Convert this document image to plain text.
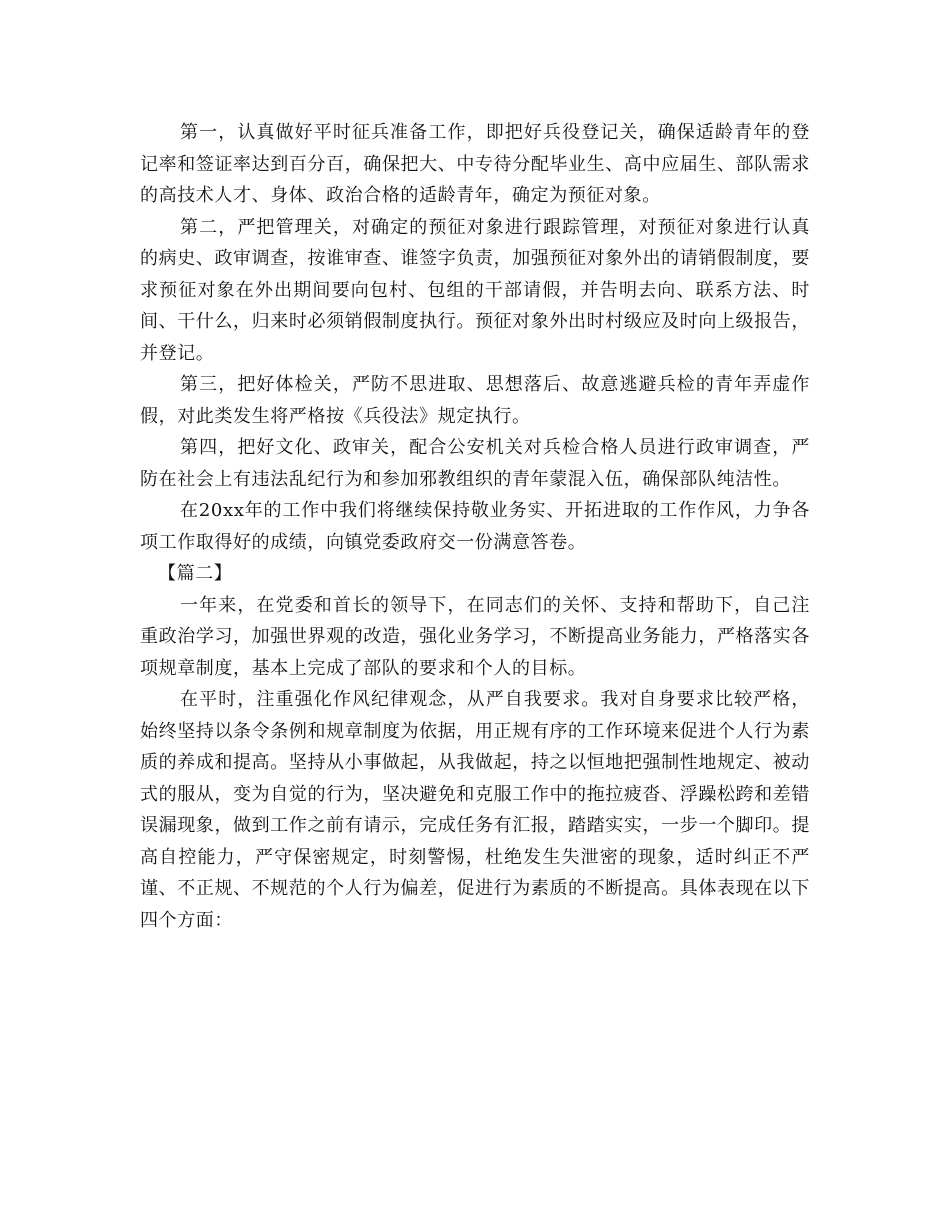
第一，认真做好平时征兵准备工作，即把好兵役登记关，确保适龄青年的登记率和签证率达到百分百，确保把大、中专待分配毕业生、高中应届生、部队需求的高技术人才、身体、政治合格的适龄青年，确定为预征对象。

第二，严把管理关，对确定的预征对象进行跟踪管理，对预征对象进行认真的病史、政审调查，按谁审查、谁签字负责，加强预征对象外出的请销假制度，要求预征对象在外出期间要向包村、包组的干部请假，并告明去向、联系方法、时间、干什么，归来时必须销假制度执行。预征对象外出时村级应及时向上级报告，并登记。

第三，把好体检关，严防不思进取、思想落后、故意逃避兵检的青年弄虚作假，对此类发生将严格按《兵役法》规定执行。

第四，把好文化、政审关，配合公安机关对兵检合格人员进行政审调查，严防在社会上有违法乱纪行为和参加邪教组织的青年蒙混入伍，确保部队纯洁性。

在20xx年的工作中我们将继续保持敬业务实、开拓进取的工作作风，力争各项工作取得好的成绩，向镇党委政府交一份满意答卷。

【篇二】

一年来，在党委和首长的领导下，在同志们的关怀、支持和帮助下，自己注重政治学习，加强世界观的改造，强化业务学习，不断提高业务能力，严格落实各项规章制度，基本上完成了部队的要求和个人的目标。

在平时，注重强化作风纪律观念，从严自我要求。我对自身要求比较严格，始终坚持以条令条例和规章制度为依据，用正规有序的工作环境来促进个人行为素质的养成和提高。坚持从小事做起，从我做起，持之以恒地把强制性地规定、被动式的服从，变为自觉的行为，坚决避免和克服工作中的拖拉疲沓、浮躁松跨和差错误漏现象，做到工作之前有请示，完成任务有汇报，踏踏实实，一步一个脚印。提高自控能力，严守保密规定，时刻警惕，杜绝发生失泄密的现象，适时纠正不严谨、不正规、不规范的个人行为偏差，促进行为素质的不断提高。具体表现在以下四个方面：
